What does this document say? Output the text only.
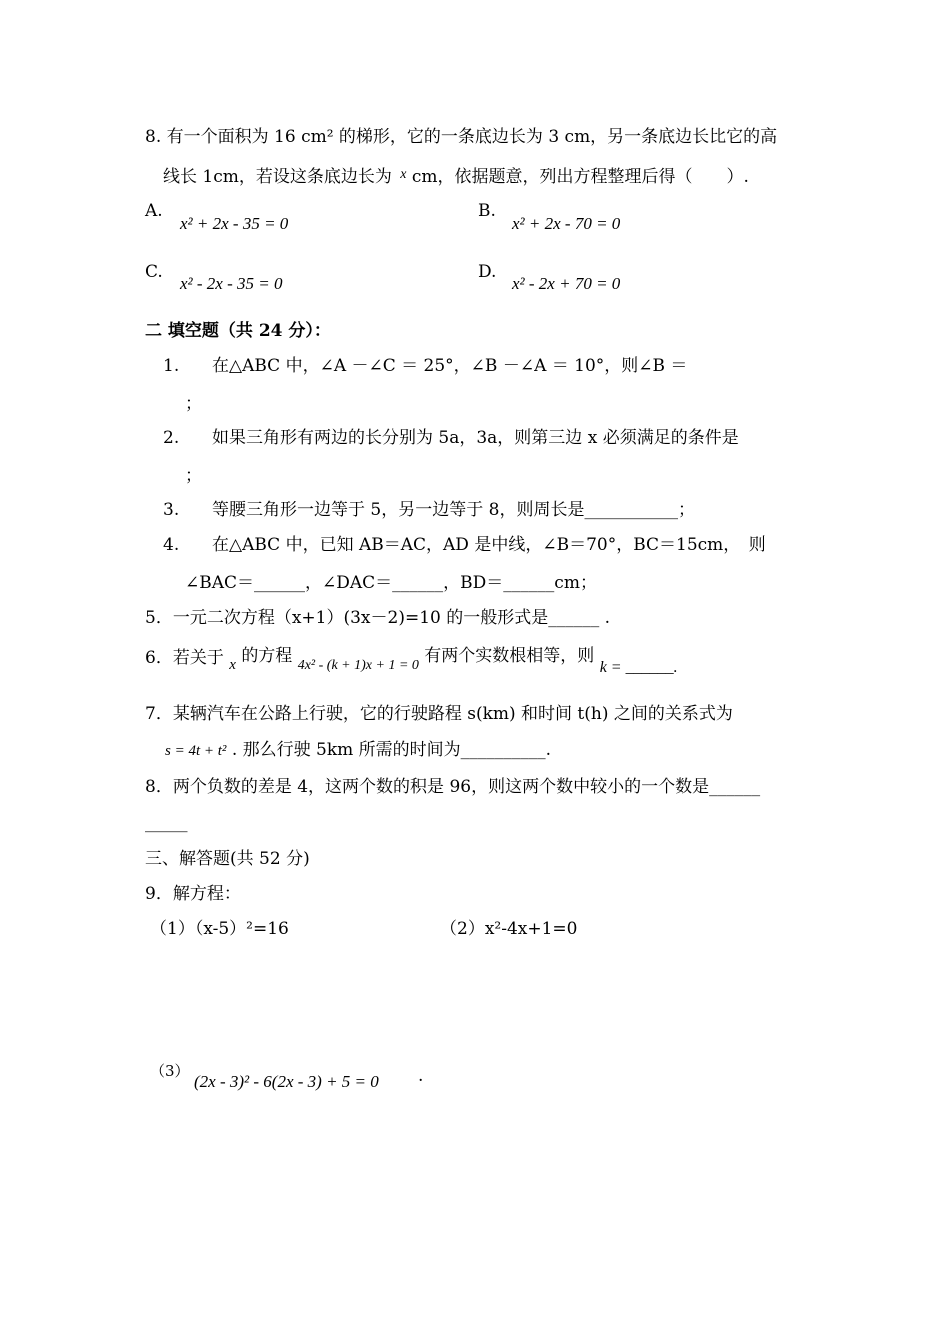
8. 有一个面积为 16 cm² 的梯形，它的一条底边长为 3 cm，另一条底边长比它的高
线长 1cm，若设这条底边长为 $^x$ cm，依据题意，列出方程整理后得（　　）.
A.
x² + 2x - 35 = 0
B.
x² + 2x - 70 = 0
C.
x² - 2x - 35 = 0
D.
x² - 2x + 70 = 0
二 填空题（共 24 分）：
1. 在△ABC 中，∠A －∠C ＝ 25°，∠B －∠A ＝ 10°，则∠B ＝
；
2. 如果三角形有两边的长分别为 5a，3a，则第三边 x 必须满足的条件是
；
3. 等腰三角形一边等于 5，另一边等于 8，则周长是___________；
4. 在△ABC 中，已知 AB＝AC，AD 是中线，∠B＝70°，BC＝15cm，　则
∠BAC＝______，∠DAC＝______，BD＝______cm；
5．一元二次方程（x+1）(3x－2)=10 的一般形式是______ .
6．若关于 x 的方程 $_{4x^2 - (k + 1)x + 1 = 0}$ 有两个实数根相等，则 k = ______.
7．某辆汽车在公路上行驶，它的行驶路程 s(km) 和时间 t(h) 之间的关系式为
s = 4t + t² . 那么行驶 5km 所需的时间为__________.
8．两个负数的差是 4，这两个数的积是 96，则这两个数中较小的一个数是______
_____
三、解答题(共 52 分)
9．解方程：
（1）（x-5）²=16	（2）x²-4x+1=0
（3）
(2x - 3)² - 6(2x - 3) + 5 = 0 .
